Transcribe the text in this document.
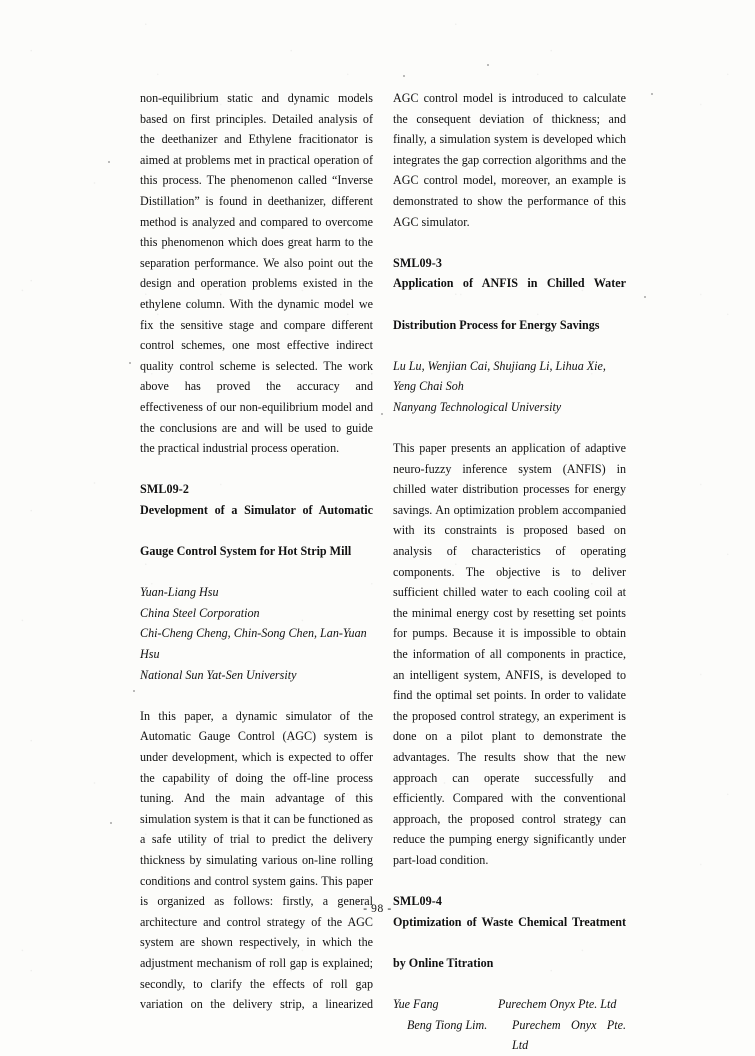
non-equilibrium static and dynamic models based on first principles. Detailed analysis of the deethanizer and Ethylene fracitionator is aimed at problems met in practical operation of this process. The phenomenon called “Inverse Distillation” is found in deethanizer, different method is analyzed and compared to overcome this phenomenon which does great harm to the separation performance. We also point out the design and operation problems existed in the ethylene column. With the dynamic model we fix the sensitive stage and compare different control schemes, one most effective indirect quality control scheme is selected. The work above has proved the accuracy and effectiveness of our non-equilibrium model and the conclusions are and will be used to guide the practical industrial process operation.

SML09-2
Development of a Simulator of Automatic
Gauge Control System for Hot Strip Mill
Yuan-Liang Hsu
China Steel Corporation
Chi-Cheng Cheng, Chin-Song Chen, Lan-Yuan
Hsu
National Sun Yat-Sen University

In this paper, a dynamic simulator of the Automatic Gauge Control (AGC) system is under development, which is expected to offer the capability of doing the off-line process tuning. And the main advantage of this simulation system is that it can be functioned as a safe utility of trial to predict the delivery thickness by simulating various on-line rolling conditions and control system gains. This paper is organized as follows: firstly, a general architecture and control strategy of the AGC system are shown respectively, in which the adjustment mechanism of roll gap is explained; secondly, to clarify the effects of roll gap variation on the delivery strip, a linearized

AGC control model is introduced to calculate the consequent deviation of thickness; and finally, a simulation system is developed which integrates the gap correction algorithms and the AGC control model, moreover, an example is demonstrated to show the performance of this AGC simulator.

SML09-3
Application of ANFIS in Chilled Water
Distribution Process for Energy Savings
Lu Lu, Wenjian Cai, Shujiang Li, Lihua Xie,
Yeng Chai Soh
Nanyang Technological University

This paper presents an application of adaptive neuro-fuzzy inference system (ANFIS) in chilled water distribution processes for energy savings. An optimization problem accompanied with its constraints is proposed based on analysis of characteristics of operating components. The objective is to deliver sufficient chilled water to each cooling coil at the minimal energy cost by resetting set points for pumps. Because it is impossible to obtain the information of all components in practice, an intelligent system, ANFIS, is developed to find the optimal set points. In order to validate the proposed control strategy, an experiment is done on a pilot plant to demonstrate the advantages. The results show that the new approach can operate successfully and efficiently. Compared with the conventional approach, the proposed control strategy can reduce the pumping energy significantly under part-load condition.

SML09-4
Optimization of Waste Chemical Treatment
by Online Titration
Yue Fang	Purechem Onyx Pte. Ltd
Beng Tiong Lim.	Purechem Onyx Pte. Ltd
- 98 -
